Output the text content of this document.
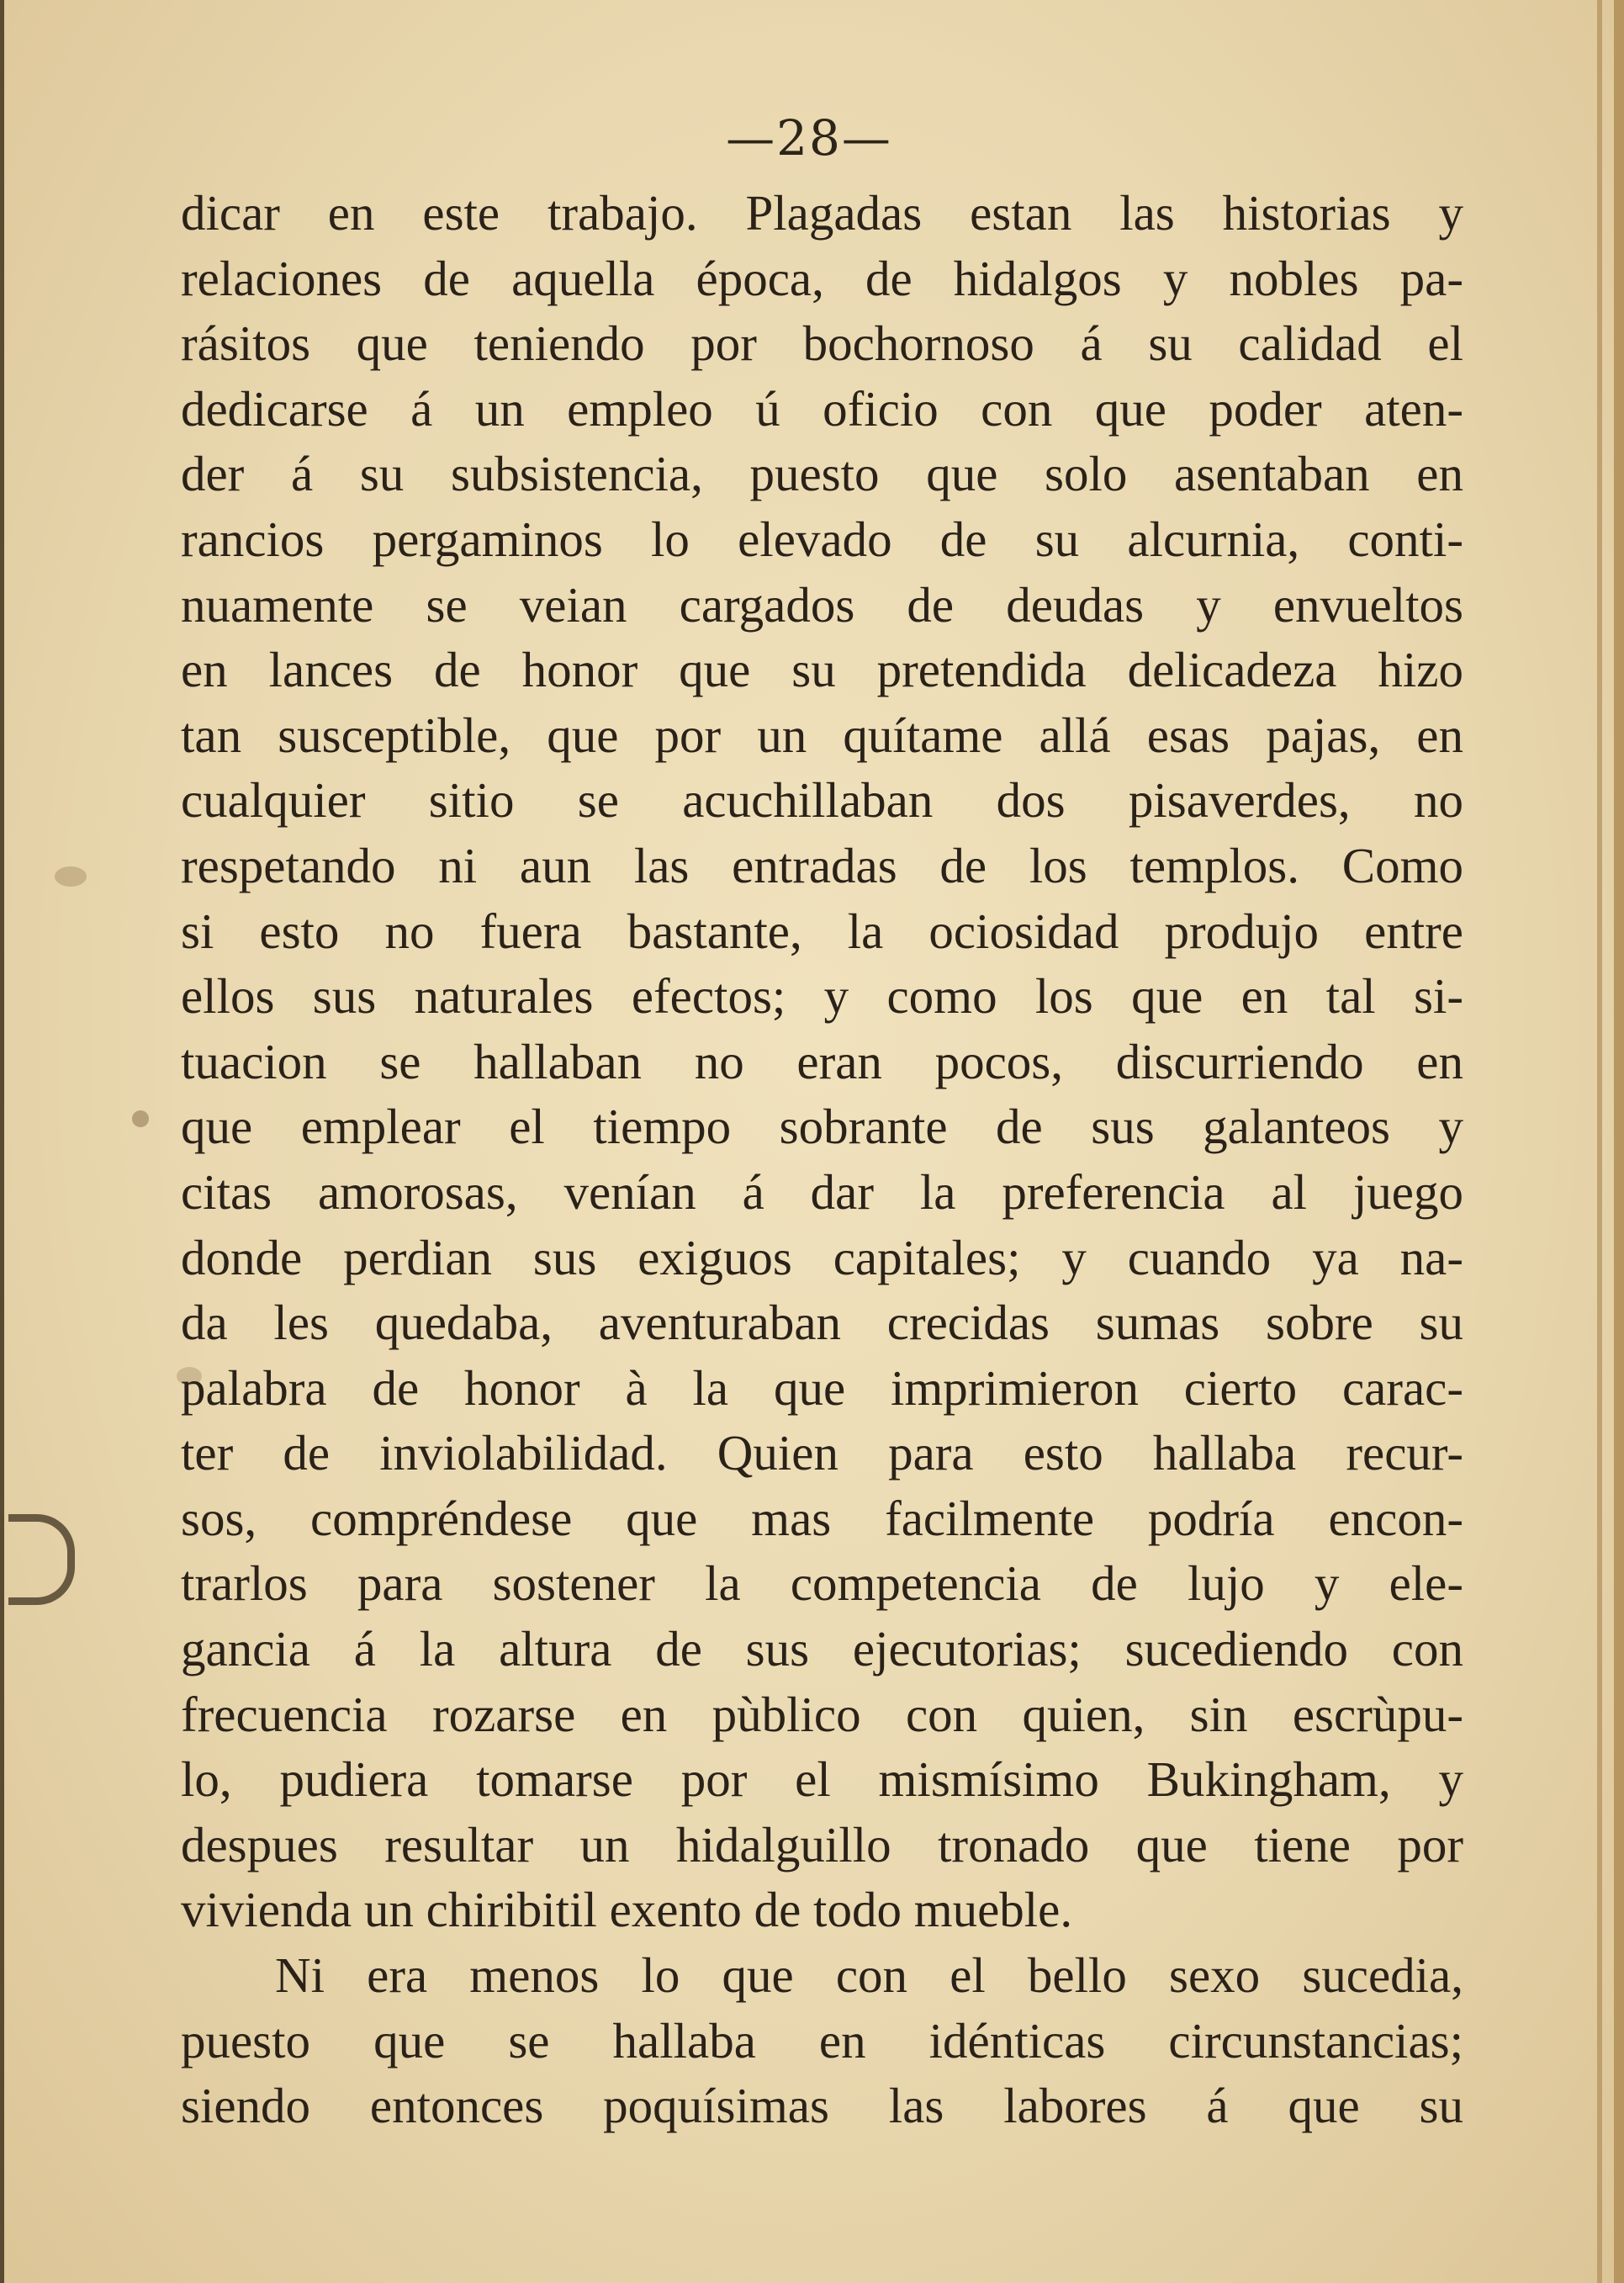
—28—
dicar en este trabajo. Plagadas estan las historias y
relaciones de aquella época, de hidalgos y nobles pa-
rásitos que teniendo por bochornoso á su calidad el
dedicarse á un empleo ú oficio con que poder aten-
der á su subsistencia, puesto que solo asentaban en
rancios pergaminos lo elevado de su alcurnia, conti-
nuamente se veian cargados de deudas y envueltos
en lances de honor que su pretendida delicadeza hizo
tan susceptible, que por un quítame allá esas pajas, en
cualquier sitio se acuchillaban dos pisaverdes, no
respetando ni aun las entradas de los templos. Como
si esto no fuera bastante, la ociosidad produjo entre
ellos sus naturales efectos; y como los que en tal si-
tuacion se hallaban no eran pocos, discurriendo en
que emplear el tiempo sobrante de sus galanteos y
citas amorosas, venían á dar la preferencia al juego
donde perdian sus exiguos capitales; y cuando ya na-
da les quedaba, aventuraban crecidas sumas sobre su
palabra de honor à la que imprimieron cierto carac-
ter de inviolabilidad. Quien para esto hallaba recur-
sos, compréndese que mas facilmente podría encon-
trarlos para sostener la competencia de lujo y ele-
gancia á la altura de sus ejecutorias; sucediendo con
frecuencia rozarse en pùblico con quien, sin escrùpu-
lo, pudiera tomarse por el mismísimo Bukingham, y
despues resultar un hidalguillo tronado que tiene por
vivienda un chiribitil exento de todo mueble.
Ni era menos lo que con el bello sexo sucedia,
puesto que se hallaba en idénticas circunstancias;
siendo entonces poquísimas las labores á que su
